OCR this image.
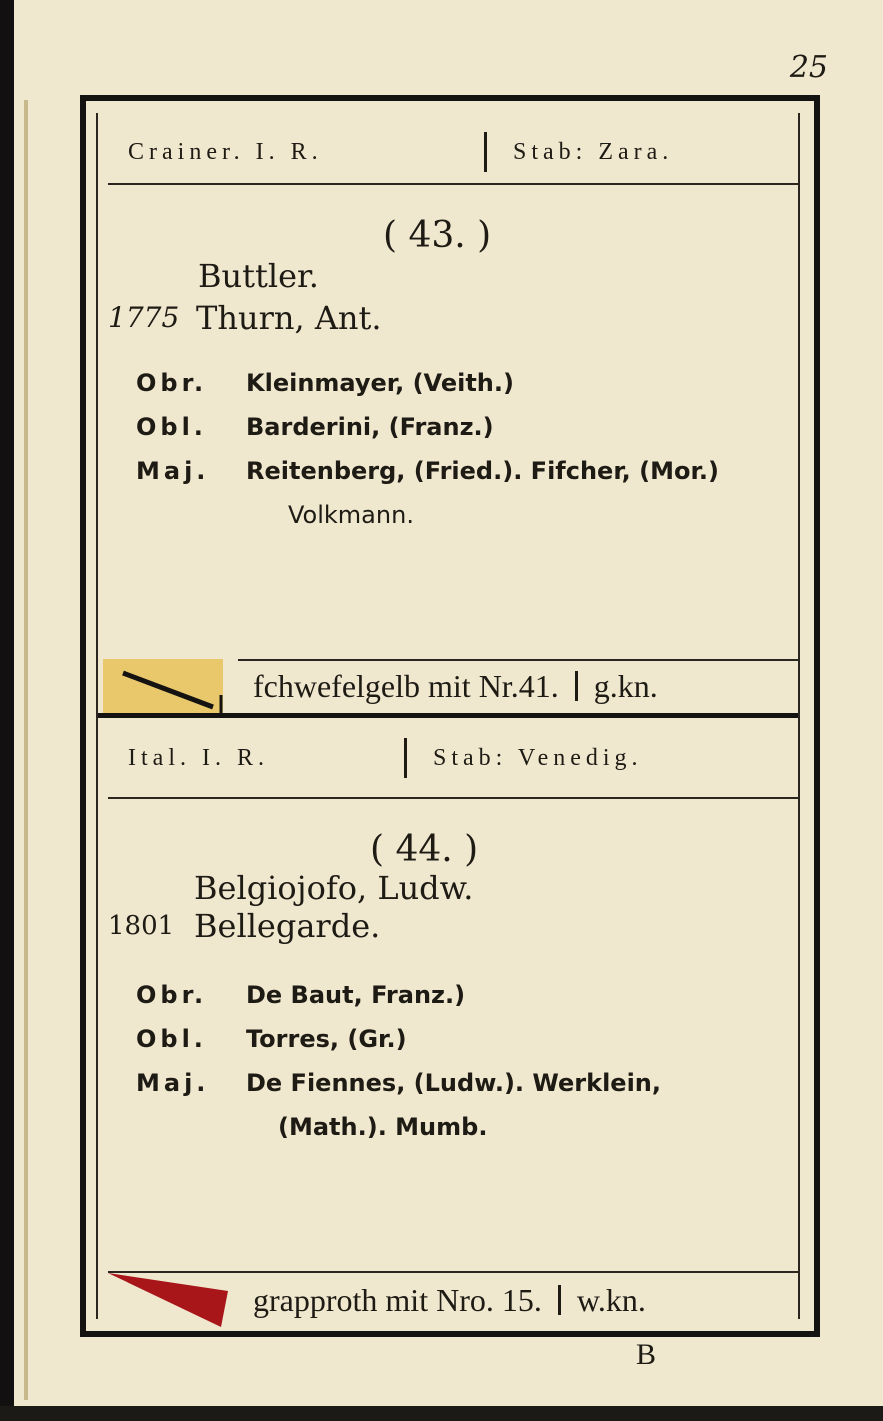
25
Crainer. I. R.	Stab: Zara.
( 43. )
Buttler.
1775 Thurn, Ant.
Obr.	Kleinmayer, (Veith.)
Obl.	Barderini, (Franz.)
Maj.	Reitenberg, (Fried.). Fifcher, (Mor.)
Volkmann.
fchwefelgelb mit Nr.41. g.kn.
Ital. I. R.	Stab: Venedig.
( 44. )
Belgiojofo, Ludw.
1801 Bellegarde.
Obr.	De Baut, Franz.)
Obl.	Torres, (Gr.)
Maj.	De Fiennes, (Ludw.). Werklein,
(Math.). Mumb.
grapproth mit Nro. 15. w.kn.
B
